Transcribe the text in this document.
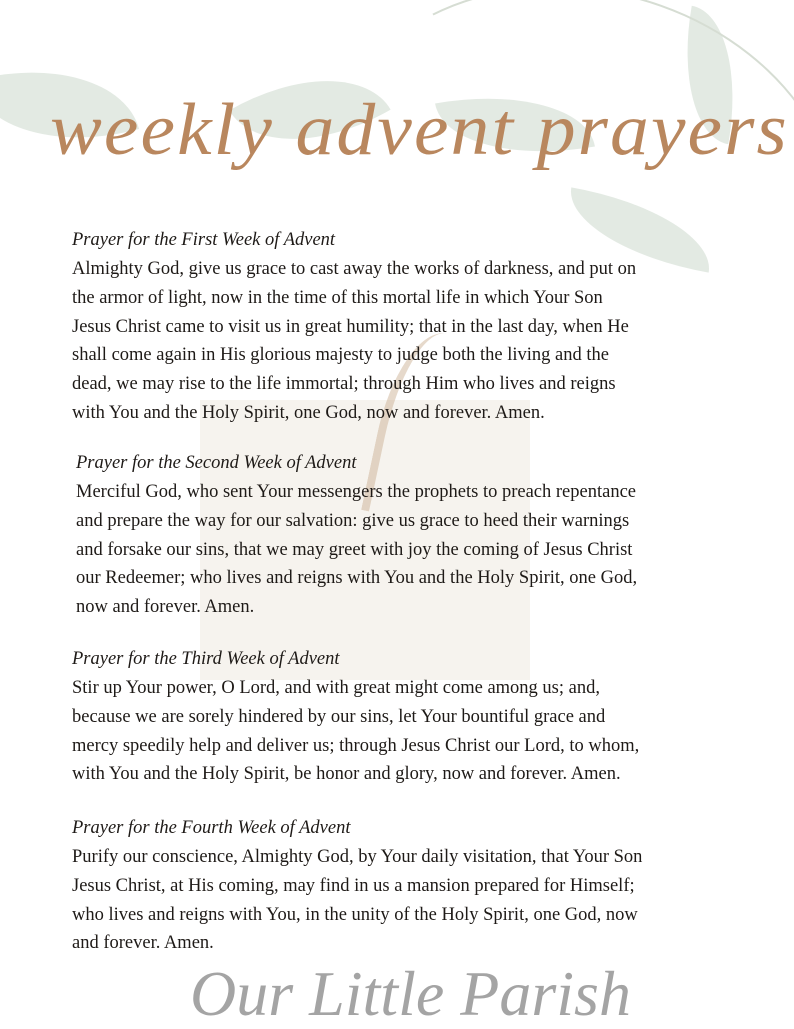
weekly advent prayers
Prayer for the First Week of Advent
Almighty God, give us grace to cast away the works of darkness, and put on
the armor of light, now in the time of this mortal life in which Your Son
Jesus Christ came to visit us in great humility; that in the last day, when He
shall come again in His glorious majesty to judge both the living and the
dead, we may rise to the life immortal; through Him who lives and reigns
with You and the Holy Spirit, one God, now and forever. Amen.
Prayer for the Second Week of Advent
Merciful God, who sent Your messengers the prophets to preach repentance
and prepare the way for our salvation: give us grace to heed their warnings
and forsake our sins, that we may greet with joy the coming of Jesus Christ
our Redeemer; who lives and reigns with You and the Holy Spirit, one God,
now and forever. Amen.
Prayer for the Third Week of Advent
Stir up Your power, O Lord, and with great might come among us; and,
because we are sorely hindered by our sins, let Your bountiful grace and
mercy speedily help and deliver us; through Jesus Christ our Lord, to whom,
with You and the Holy Spirit, be honor and glory, now and forever. Amen.
Prayer for the Fourth Week of Advent
Purify our conscience, Almighty God, by Your daily visitation, that Your Son
Jesus Christ, at His coming, may find in us a mansion prepared for Himself;
who lives and reigns with You, in the unity of the Holy Spirit, one God, now
and forever. Amen.
Our Little Parish
